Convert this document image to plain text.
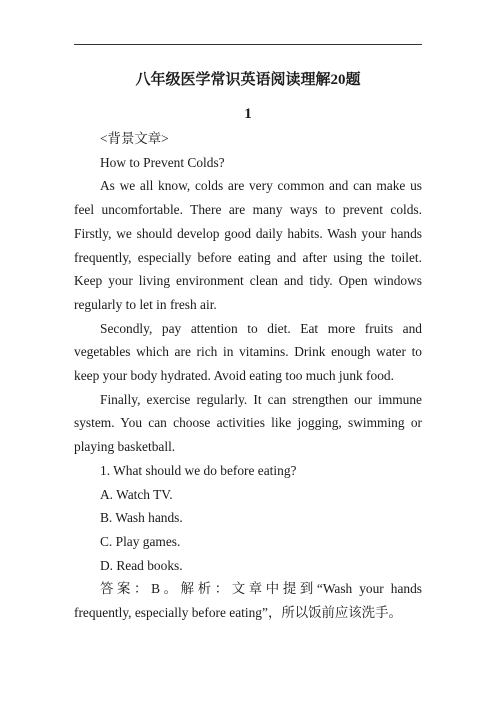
八年级医学常识英语阅读理解20题
1

<背景文章>

How to Prevent Colds?

As we all know, colds are very common and can make us feel uncomfortable. There are many ways to prevent colds. Firstly, we should develop good daily habits. Wash your hands frequently, especially before eating and after using the toilet. Keep your living environment clean and tidy. Open windows regularly to let in fresh air.

Secondly, pay attention to diet. Eat more fruits and vegetables which are rich in vitamins. Drink enough water to keep your body hydrated. Avoid eating too much junk food.

Finally, exercise regularly. It can strengthen our immune system. You can choose activities like jogging, swimming or playing basketball.

1. What should we do before eating?

A. Watch TV.

B. Wash hands.

C. Play games.

D. Read books.

答案：B。解析：文章中提到“Wash your hands frequently, especially before eating”，所以饭前应该洗手。
